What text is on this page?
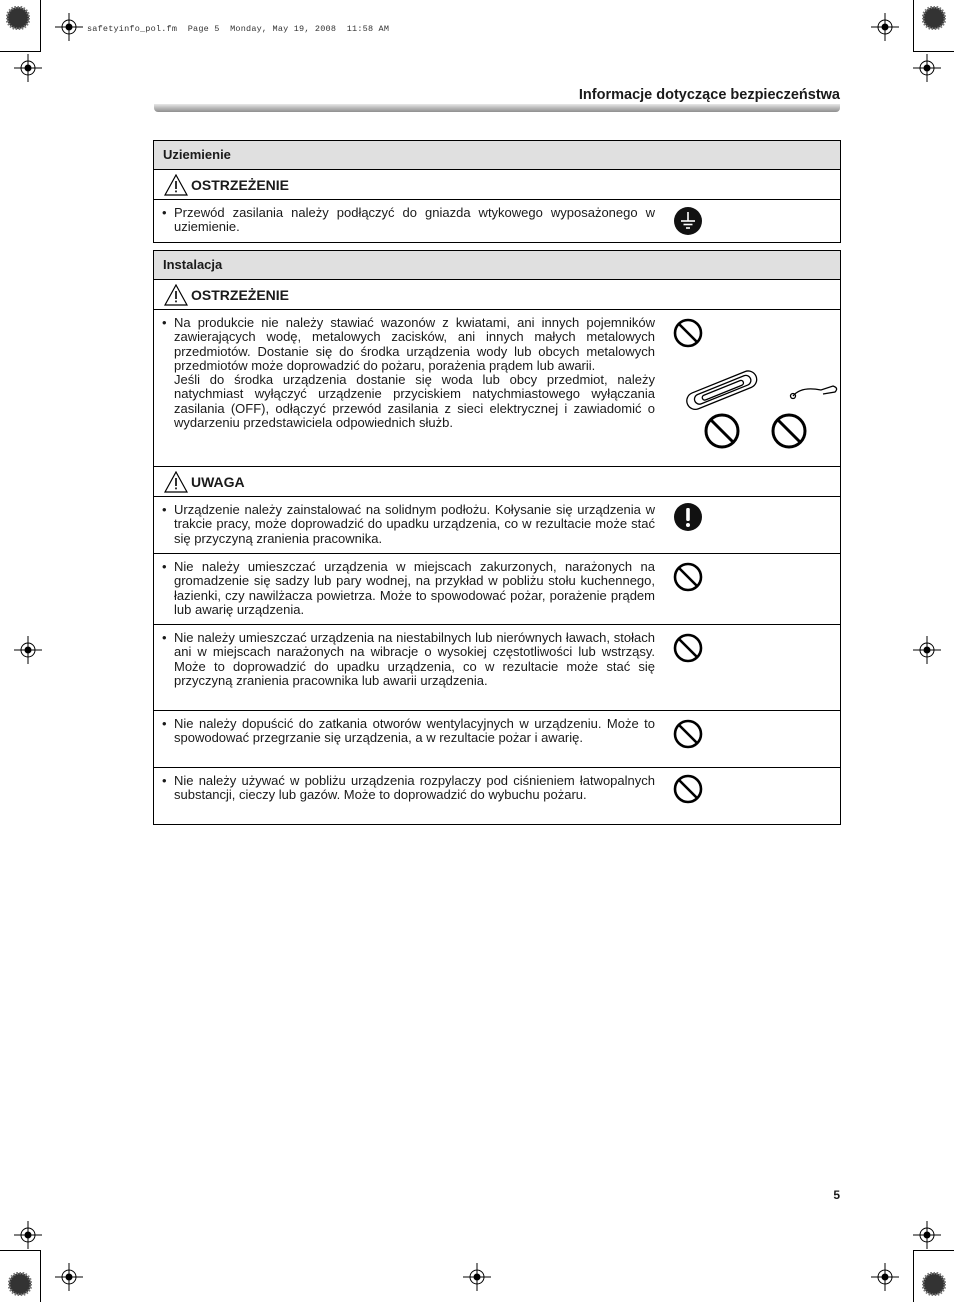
safetyinfo_pol.fm  Page 5  Monday, May 19, 2008  11:58 AM
Informacje dotyczące bezpieczeństwa
Uziemienie
OSTRZEŻENIE
• Przewód zasilania należy podłączyć do gniazda wtykowego wyposażonego w uziemienie.
Instalacja
OSTRZEŻENIE
• Na produkcie nie należy stawiać wazonów z kwiatami, ani innych pojemników zawierających wodę, metalowych zacisków, ani innych małych metalowych przedmiotów. Dostanie się do środka urządzenia wody lub obcych metalowych przedmiotów może doprowadzić do pożaru, porażenia prądem lub awarii.
Jeśli do środka urządzenia dostanie się woda lub obcy przedmiot, należy natychmiast wyłączyć urządzenie przyciskiem natychmiastowego wyłączania zasilania (OFF), odłączyć przewód zasilania z sieci elektrycznej i zawiadomić o wydarzeniu przedstawiciela odpowiednich służb.
UWAGA
• Urządzenie należy zainstalować na solidnym podłożu. Kołysanie się urządzenia w trakcie pracy, może doprowadzić do upadku urządzenia, co w rezultacie może stać się przyczyną zranienia pracownika.
• Nie należy umieszczać urządzenia w miejscach zakurzonych, narażonych na gromadzenie się sadzy lub pary wodnej, na przykład w pobliżu stołu kuchennego, łazienki, czy nawilżacza powietrza. Może to spowodować pożar, porażenie prądem lub awarię urządzenia.
• Nie należy umieszczać urządzenia na niestabilnych lub nierównych ławach, stołach ani w miejscach narażonych na wibracje o wysokiej częstotliwości lub wstrząsy. Może to doprowadzić do upadku urządzenia, co w rezultacie może stać się przyczyną zranienia pracownika lub awarii urządzenia.
• Nie należy dopuścić do zatkania otworów wentylacyjnych w urządzeniu. Może to spowodować przegrzanie się urządzenia, a w rezultacie pożar i awarię.
• Nie należy używać w pobliżu urządzenia rozpylaczy pod ciśnieniem łatwopalnych substancji, cieczy lub gazów. Może to doprowadzić do wybuchu pożaru.
5
